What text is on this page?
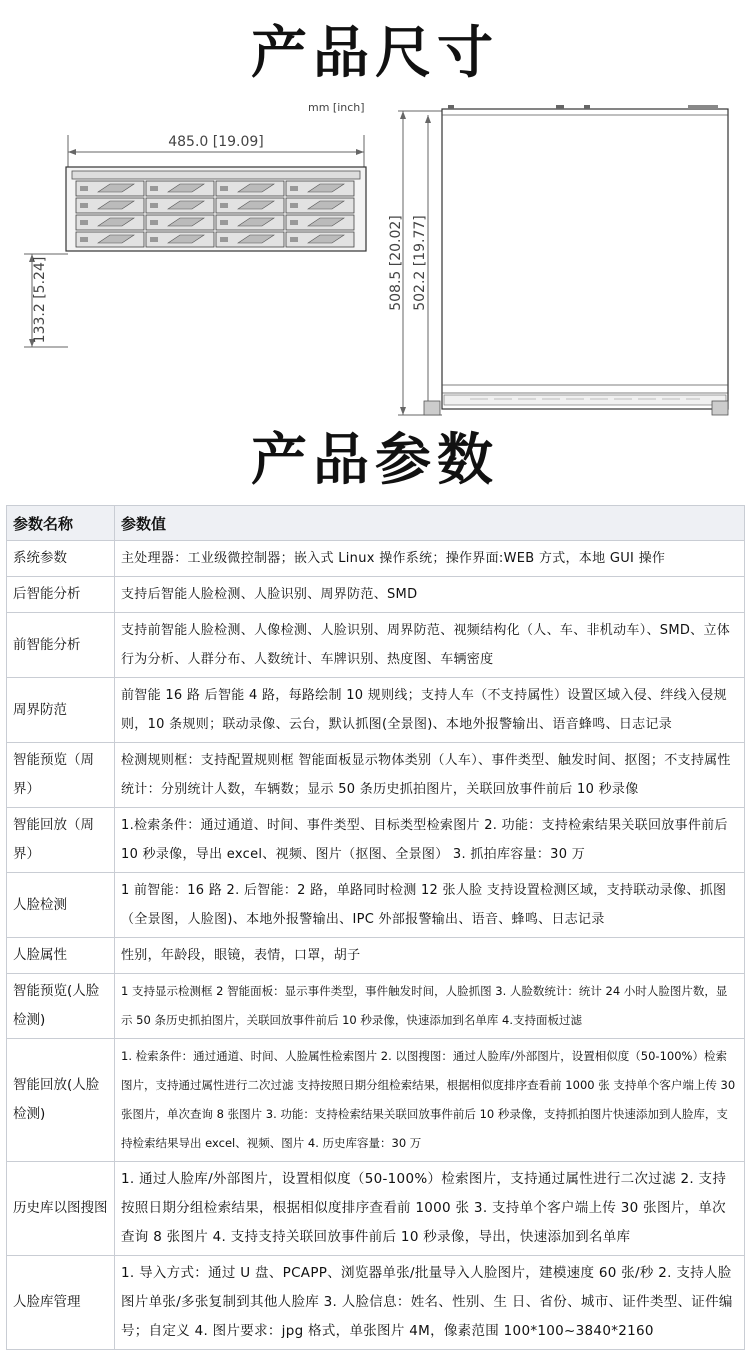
产品尺寸
485.0 [19.09]
133.2 [5.24]
mm [inch]
508.5 [20.02] 502.2 [19.77]
产品参数
参数名称	参数值
系统参数	主处理器：工业级微控制器；嵌入式 Linux 操作系统；操作界面:WEB 方式，本地 GUI 操作
后智能分析	支持后智能人脸检测、人脸识别、周界防范、SMD
前智能分析	支持前智能人脸检测、人像检测、人脸识别、周界防范、视频结构化（人、车、非机动车）、SMD、立体行为分析、人群分布、人数统计、车牌识别、热度图、车辆密度
周界防范	前智能 16 路 后智能 4 路，每路绘制 10 规则线；支持人车（不支持属性）设置区域入侵、绊线入侵规则，10 条规则；联动录像、云台，默认抓图(全景图)、本地外报警输出、语音蜂鸣、日志记录
智能预览（周界）	检测规则框：支持配置规则框 智能面板显示物体类别（人车）、事件类型、触发时间、抠图；不支持属性 统计：分别统计人数，车辆数；显示 50 条历史抓拍图片，关联回放事件前后 10 秒录像
智能回放（周界）	1.检索条件：通过通道、时间、事件类型、目标类型检索图片 2. 功能：支持检索结果关联回放事件前后 10 秒录像，导出 excel、视频、图片（抠图、全景图） 3. 抓拍库容量：30 万
人脸检测	1 前智能：16 路 2. 后智能：2 路，单路同时检测 12 张人脸 支持设置检测区域，支持联动录像、抓图（全景图，人脸图)、本地外报警输出、IPC 外部报警输出、语音、蜂鸣、日志记录
人脸属性	性别，年龄段，眼镜，表情，口罩，胡子
智能预览(人脸检测)	1 支持显示检测框 2 智能面板：显示事件类型，事件触发时间，人脸抓图 3. 人脸数统计：统计 24 小时人脸图片数，显示 50 条历史抓拍图片，关联回放事件前后 10 秒录像，快速添加到名单库 4.支持面板过滤
智能回放(人脸检测)	1. 检索条件：通过通道、时间、人脸属性检索图片 2. 以图搜图：通过人脸库/外部图片，设置相似度（50-100%）检索图片，支持通过属性进行二次过滤 支持按照日期分组检索结果，根据相似度排序查看前 1000 张 支持单个客户端上传 30 张图片，单次查询 8 张图片 3. 功能：支持检索结果关联回放事件前后 10 秒录像，支持抓拍图片快速添加到人脸库，支持检索结果导出 excel、视频、图片 4. 历史库容量：30 万
历史库以图搜图	1. 通过人脸库/外部图片，设置相似度（50-100%）检索图片，支持通过属性进行二次过滤 2. 支持按照日期分组检索结果，根据相似度排序查看前 1000 张 3. 支持单个客户端上传 30 张图片，单次查询 8 张图片 4. 支持支持关联回放事件前后 10 秒录像，导出，快速添加到名单库
人脸库管理	1. 导入方式：通过 U 盘、PCAPP、浏览器单张/批量导入人脸图片，建模速度 60 张/秒 2. 支持人脸图片单张/多张复制到其他人脸库 3. 人脸信息：姓名、性别、生 日、省份、城市、证件类型、证件编号；自定义 4. 图片要求：jpg 格式，单张图片 4M，像素范围 100*100~3840*2160
